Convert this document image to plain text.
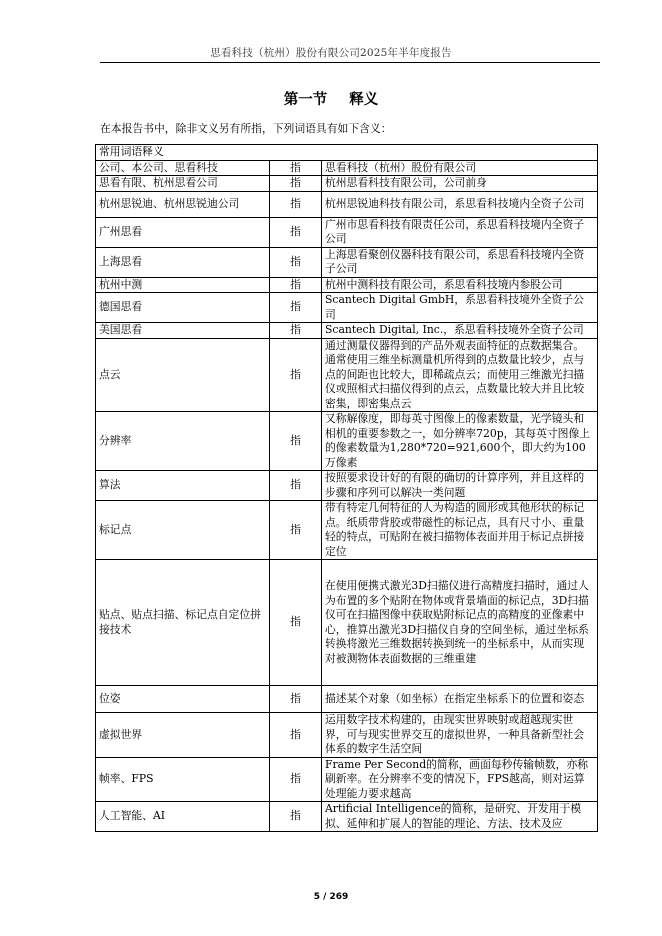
思看科技（杭州）股份有限公司2025年半年度报告
第一节 释义
在本报告书中，除非文义另有所指，下列词语具有如下含义：
常用词语释义		
公司、本公司、思看科技	指	思看科技（杭州）股份有限公司
思看有限、杭州思看公司	指	杭州思看科技有限公司，公司前身
杭州思锐迪、杭州思锐迪公司	指	杭州思锐迪科技有限公司，系思看科技境内全资子公司
广州思看	指	广州市思看科技有限责任公司，系思看科技境内全资子公司
上海思看	指	上海思看聚创仪器科技有限公司，系思看科技境内全资子公司
杭州中测	指	杭州中测科技有限公司，系思看科技境内参股公司
德国思看	指	Scantech Digital GmbH，系思看科技境外全资子公司
美国思看	指	Scantech Digital, Inc.，系思看科技境外全资子公司
点云	指	通过测量仪器得到的产品外观表面特征的点数据集合。通常使用三维坐标测量机所得到的点数量比较少，点与点的间距也比较大，即稀疏点云；而使用三维激光扫描仪或照相式扫描仪得到的点云，点数量比较大并且比较密集，即密集点云
分辨率	指	又称解像度，即每英寸图像上的像素数量，光学镜头和相机的重要参数之一，如分辨率720p，其每英寸图像上的像素数量为1,280*720=921,600个，即大约为100万像素
算法	指	按照要求设计好的有限的确切的计算序列，并且这样的步骤和序列可以解决一类问题
标记点	指	带有特定几何特征的人为构造的圆形或其他形状的标记点。纸质带背胶或带磁性的标记点，具有尺寸小、重量轻的特点，可贴附在被扫描物体表面并用于标记点拼接定位
贴点、贴点扫描、标记点自定位拼接技术	指	在使用便携式激光3D扫描仪进行高精度扫描时，通过人为布置的多个贴附在物体或背景墙面的标记点，3D扫描仪可在扫描图像中获取贴附标记点的高精度的亚像素中心，推算出激光3D扫描仪自身的空间坐标，通过坐标系转换将激光三维数据转换到统一的坐标系中，从而实现对被测物体表面数据的三维重建
位姿	指	描述某个对象（如坐标）在指定坐标系下的位置和姿态
虚拟世界	指	运用数字技术构建的，由现实世界映射或超越现实世界，可与现实世界交互的虚拟世界，一种具备新型社会体系的数字生活空间
帧率、FPS	指	Frame Per Second的简称，画面每秒传输帧数，亦称刷新率。在分辨率不变的情况下，FPS越高，则对运算处理能力要求越高
人工智能、AI	指	Artificial Intelligence的简称，是研究、开发用于模拟、延伸和扩展人的智能的理论、方法、技术及应
5 / 269
